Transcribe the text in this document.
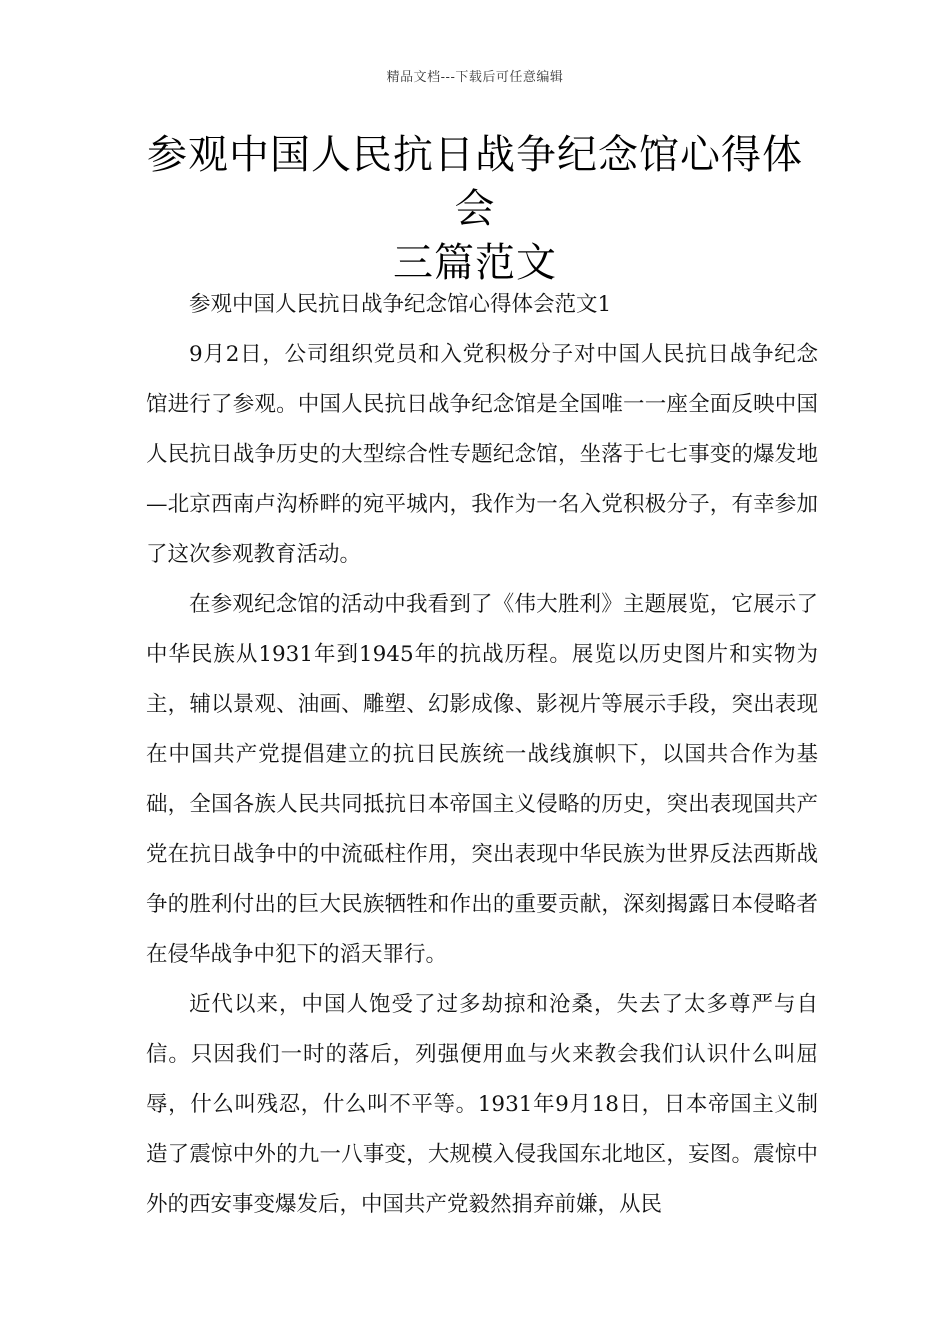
精品文档---下载后可任意编辑
参观中国人民抗日战争纪念馆心得体会
三篇范文

参观中国人民抗日战争纪念馆心得体会范文1

9月2日，公司组织党员和入党积极分子对中国人民抗日战争纪念馆进行了参观。中国人民抗日战争纪念馆是全国唯一一座全面反映中国人民抗日战争历史的大型综合性专题纪念馆，坐落于七七事变的爆发地—北京西南卢沟桥畔的宛平城内，我作为一名入党积极分子，有幸参加了这次参观教育活动。

在参观纪念馆的活动中我看到了《伟大胜利》主题展览，它展示了中华民族从1931年到1945年的抗战历程。展览以历史图片和实物为主，辅以景观、油画、雕塑、幻影成像、影视片等展示手段，突出表现在中国共产党提倡建立的抗日民族统一战线旗帜下，以国共合作为基础，全国各族人民共同抵抗日本帝国主义侵略的历史，突出表现国共产党在抗日战争中的中流砥柱作用，突出表现中华民族为世界反法西斯战争的胜利付出的巨大民族牺牲和作出的重要贡献，深刻揭露日本侵略者在侵华战争中犯下的滔天罪行。

近代以来，中国人饱受了过多劫掠和沧桑，失去了太多尊严与自信。只因我们一时的落后，列强便用血与火来教会我们认识什么叫屈辱，什么叫残忍，什么叫不平等。1931年9月18日，日本帝国主义制造了震惊中外的九一八事变，大规模入侵我国东北地区，妄图。震惊中外的西安事变爆发后，中国共产党毅然捐弃前嫌，从民
